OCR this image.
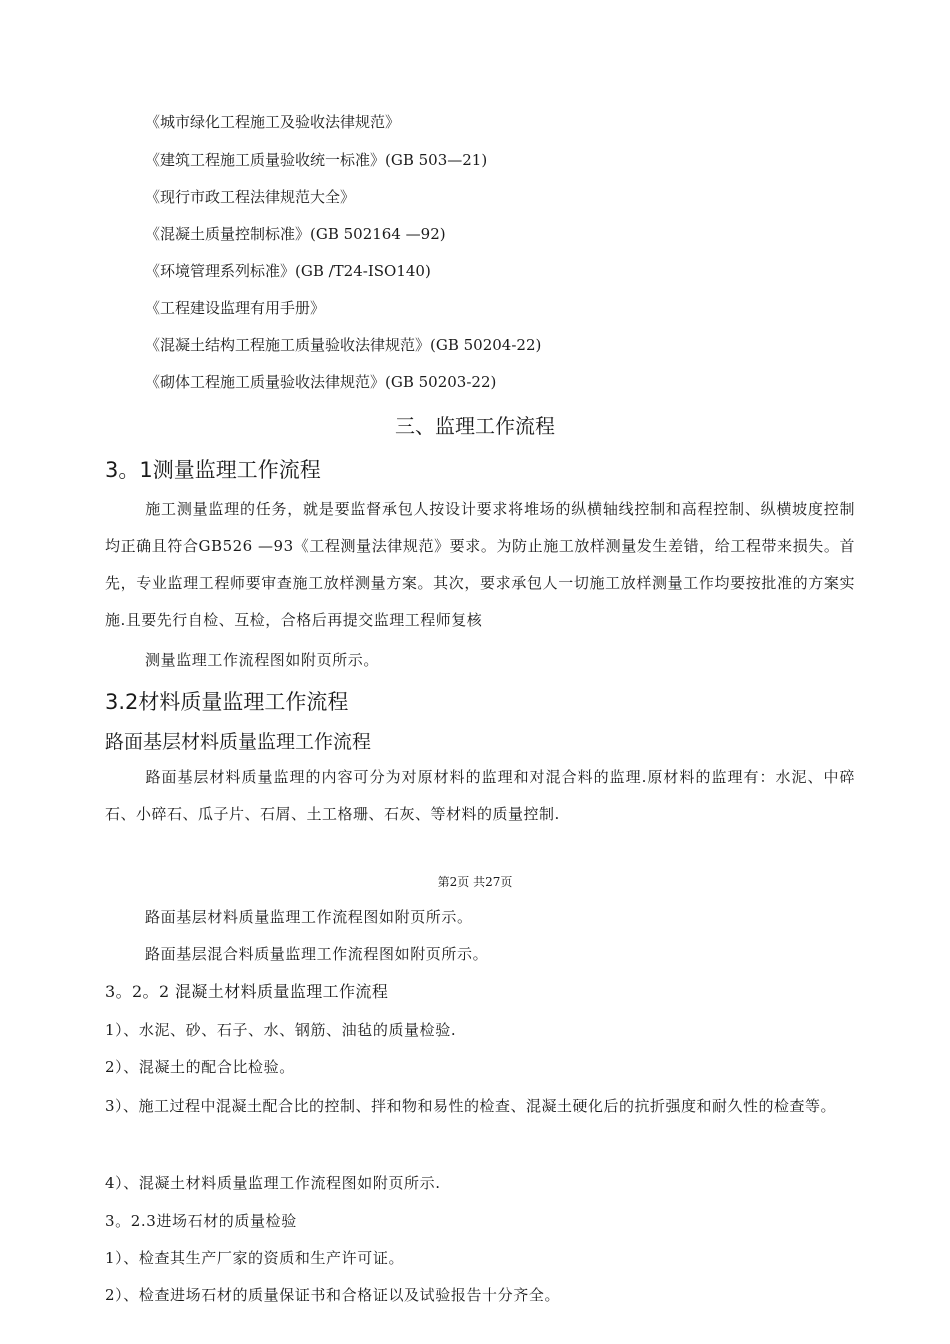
《城市绿化工程施工及验收法律规范》
《建筑工程施工质量验收统一标准》(GB 503—21)
《现行市政工程法律规范大全》
《混凝土质量控制标准》(GB 502164 —92)
《环境管理系列标准》(GB /T24-ISO140)
《工程建设监理有用手册》
《混凝土结构工程施工质量验收法律规范》(GB 50204-22)
《砌体工程施工质量验收法律规范》(GB 50203-22)
三、监理工作流程
3。1测量监理工作流程
施工测量监理的任务，就是要监督承包人按设计要求将堆场的纵横轴线控制和高程控制、纵横坡度控制均正确且符合GB526 —93《工程测量法律规范》要求。为防止施工放样测量发生差错，给工程带来损失。首先，专业监理工程师要审查施工放样测量方案。其次，要求承包人一切施工放样测量工作均要按批准的方案实施.且要先行自检、互检，合格后再提交监理工程师复核
测量监理工作流程图如附页所示。
3.2材料质量监理工作流程
路面基层材料质量监理工作流程
路面基层材料质量监理的内容可分为对原材料的监理和对混合料的监理.原材料的监理有：水泥、中碎石、小碎石、瓜子片、石屑、土工格珊、石灰、等材料的质量控制.
第2页 共27页
路面基层材料质量监理工作流程图如附页所示。
路面基层混合料质量监理工作流程图如附页所示。
3。2。2 混凝土材料质量监理工作流程
1）、水泥、砂、石子、水、钢筋、油毡的质量检验.
2）、混凝土的配合比检验。
3）、施工过程中混凝土配合比的控制、拌和物和易性的检查、混凝土硬化后的抗折强度和耐久性的检查等。
4）、混凝土材料质量监理工作流程图如附页所示.
3。2.3进场石材的质量检验
1）、检查其生产厂家的资质和生产许可证。
2）、检查进场石材的质量保证书和合格证以及试验报告十分齐全。
